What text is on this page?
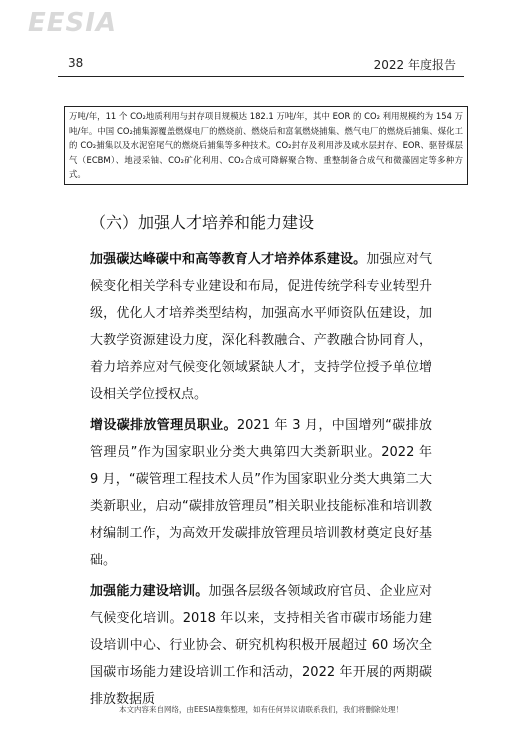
EESIA
38	2022 年度报告
万吨/年，11 个 CO₂地质利用与封存项目规模达 182.1 万吨/年，其中 EOR 的 CO₂ 利用规模约为 154 万吨/年。中国 CO₂捕集源覆盖燃煤电厂的燃烧前、燃烧后和富氧燃烧捕集、燃气电厂的燃烧后捕集、煤化工的 CO₂捕集以及水泥窑尾气的燃烧后捕集等多种技术。CO₂封存及利用涉及咸水层封存、EOR、驱替煤层气（ECBM）、地浸采铀、CO₂矿化利用、CO₂合成可降解聚合物、重整制备合成气和微藻固定等多种方式。
（六）加强人才培养和能力建设

加强碳达峰碳中和高等教育人才培养体系建设。加强应对气候变化相关学科专业建设和布局，促进传统学科专业转型升级，优化人才培养类型结构，加强高水平师资队伍建设，加大教学资源建设力度，深化科教融合、产教融合协同育人，着力培养应对气候变化领域紧缺人才，支持学位授予单位增设相关学位授权点。

增设碳排放管理员职业。2021 年 3 月，中国增列“碳排放管理员”作为国家职业分类大典第四大类新职业。2022 年 9 月，“碳管理工程技术人员”作为国家职业分类大典第二大类新职业，启动“碳排放管理员”相关职业技能标准和培训教材编制工作，为高效开发碳排放管理员培训教材奠定良好基础。

加强能力建设培训。加强各层级各领域政府官员、企业应对气候变化培训。2018 年以来，支持相关省市碳市场能力建设培训中心、行业协会、研究机构积极开展超过 60 场次全国碳市场能力建设培训工作和活动，2022 年开展的两期碳排放数据质

本文内容来自网络，由EESIA搜集整理，如有任何异议请联系我们，我们将删除处理！
